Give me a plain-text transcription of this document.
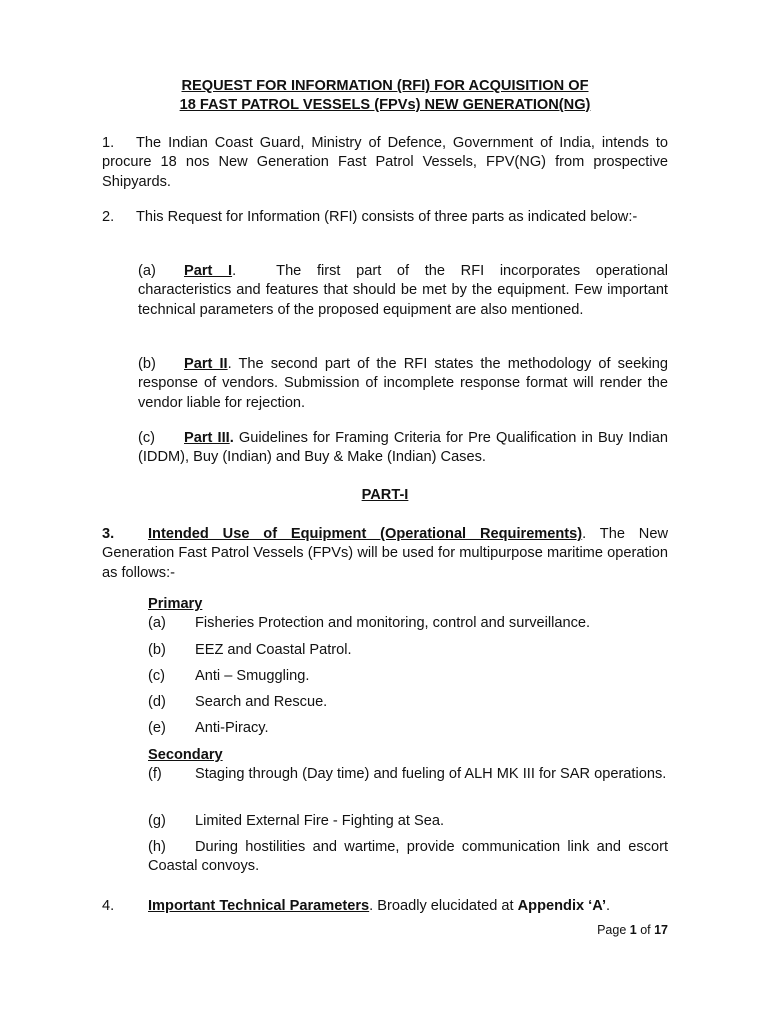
REQUEST FOR INFORMATION (RFI) FOR ACQUISITION OF
18 FAST PATROL VESSELS (FPVs) NEW GENERATION(NG)

1. The Indian Coast Guard, Ministry of Defence, Government of India, intends to procure 18 nos New Generation Fast Patrol Vessels, FPV(NG) from prospective Shipyards.

2. This Request for Information (RFI) consists of three parts as indicated below:-

(a) Part I.	The first part of the RFI incorporates operational characteristics and features that should be met by the equipment. Few important technical parameters of the proposed equipment are also mentioned.

(b) Part II. The second part of the RFI states the methodology of seeking response of vendors. Submission of incomplete response format will render the vendor liable for rejection.

(c) Part III. Guidelines for Framing Criteria for Pre Qualification in Buy Indian (IDDM), Buy (Indian) and Buy & Make (Indian) Cases.

PART-I

3. Intended Use of Equipment (Operational Requirements). The New Generation Fast Patrol Vessels (FPVs) will be used for multipurpose maritime operation as follows:-

Primary
(a) Fisheries Protection and monitoring, control and surveillance.
(b) EEZ and Coastal Patrol.
(c) Anti – Smuggling.
(d) Search and Rescue.
(e) Anti-Piracy.
Secondary
(f) Staging through (Day time) and fueling of ALH MK III for SAR operations.
(g) Limited External Fire - Fighting at Sea.
(h) During hostilities and wartime, provide communication link and escort Coastal convoys.

4. Important Technical Parameters. Broadly elucidated at Appendix ‘A’.

Page 1 of 17
